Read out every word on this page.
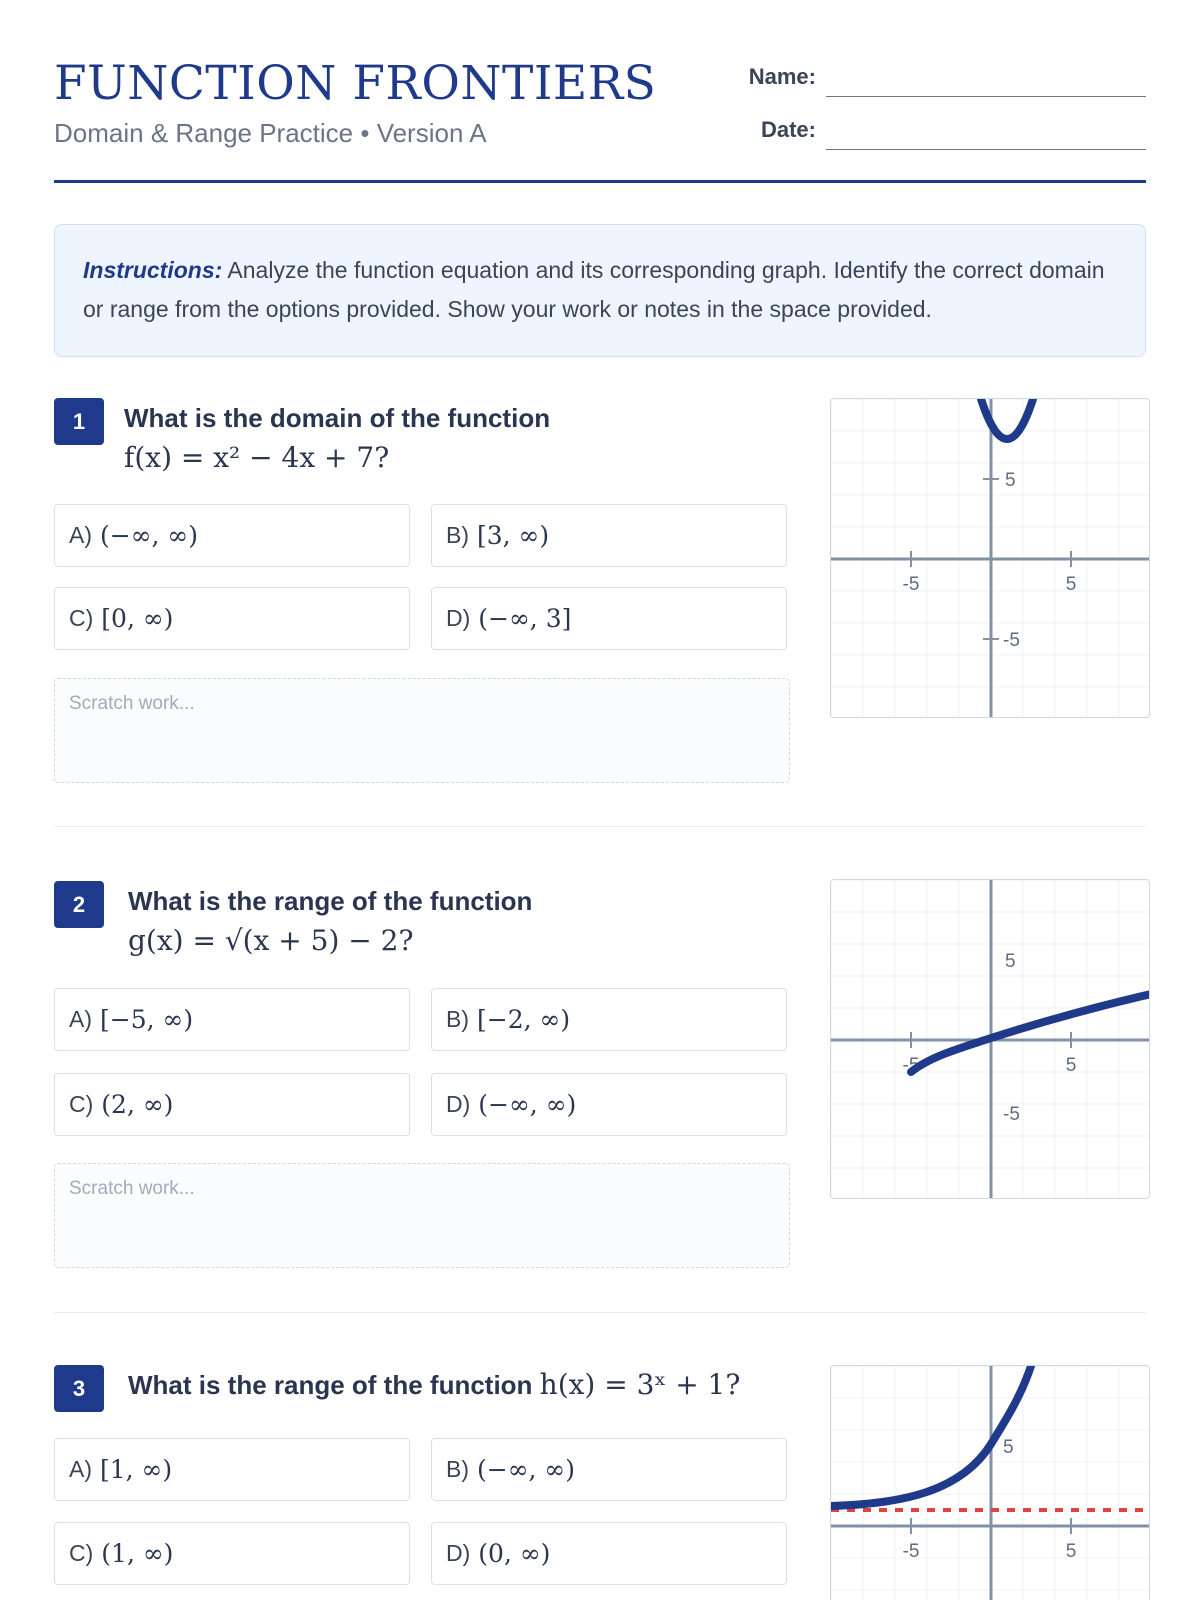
FUNCTION FRONTIERS
Domain & Range Practice • Version A
Name:
Date:
Instructions: Analyze the function equation and its corresponding graph. Identify the correct domain or range from the options provided. Show your work or notes in the space provided.
1	What is the domain of the function
f(x) = x² − 4x + 7?
A) (−∞, ∞)	B) [3, ∞)
C) [0, ∞)	D) (−∞, 3]
Scratch work...
-5	5
5
-5
2	What is the range of the function
g(x) = √(x + 5) − 2?
A) [−5, ∞)	B) [−2, ∞)
C) (2, ∞)	D) (−∞, ∞)
Scratch work...
-5	5
5
-5
3	What is the range of the function h(x) = 3ˣ + 1?
A) [1, ∞)	B) (−∞, ∞)
C) (1, ∞)	D) (0, ∞)	-5	5
5
